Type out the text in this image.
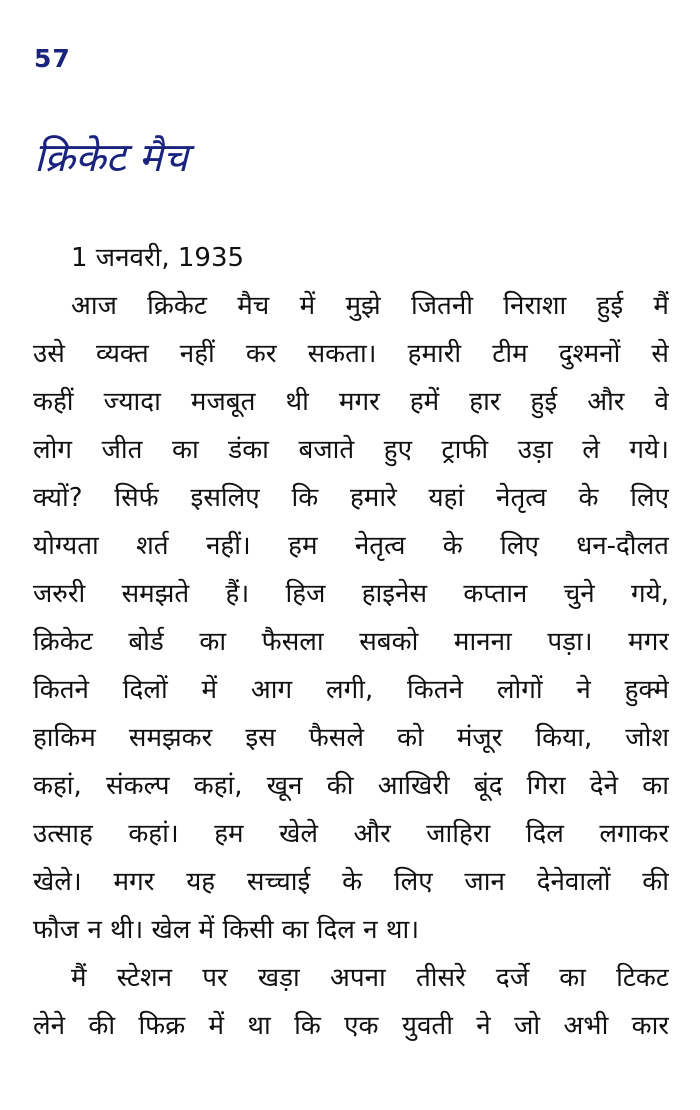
57
क्रिकेट मैच
1 जनवरी, 1935
आज क्रिकेट मैच में मुझे जितनी निराशा हुई मैं
उसे व्यक्त नहीं कर सकता। हमारी टीम दुश्मनों से
कहीं ज्यादा मजबूत थी मगर हमें हार हुई और वे
लोग जीत का डंका बजाते हुए ट्राफी उड़ा ले गये।
क्यों? सिर्फ इसलिए कि हमारे यहां नेतृत्व के लिए
योग्यता शर्त नहीं। हम नेतृत्व के लिए धन-दौलत
जरुरी समझते हैं। हिज हाइनेस कप्तान चुने गये,
क्रिकेट बोर्ड का फैसला सबको मानना पड़ा। मगर
कितने दिलों में आग लगी, कितने लोगों ने हुक्मे
हाकिम समझकर इस फैसले को मंजूर किया, जोश
कहां, संकल्प कहां, खून की आखिरी बूंद गिरा देने का
उत्साह कहां। हम खेले और जाहिरा दिल लगाकर
खेले। मगर यह सच्चाई के लिए जान देनेवालों की
फौज न थी। खेल में किसी का दिल न था।
मैं स्टेशन पर खड़ा अपना तीसरे दर्जे का टिकट
लेने की फिक्र में था कि एक युवती ने जो अभी कार
